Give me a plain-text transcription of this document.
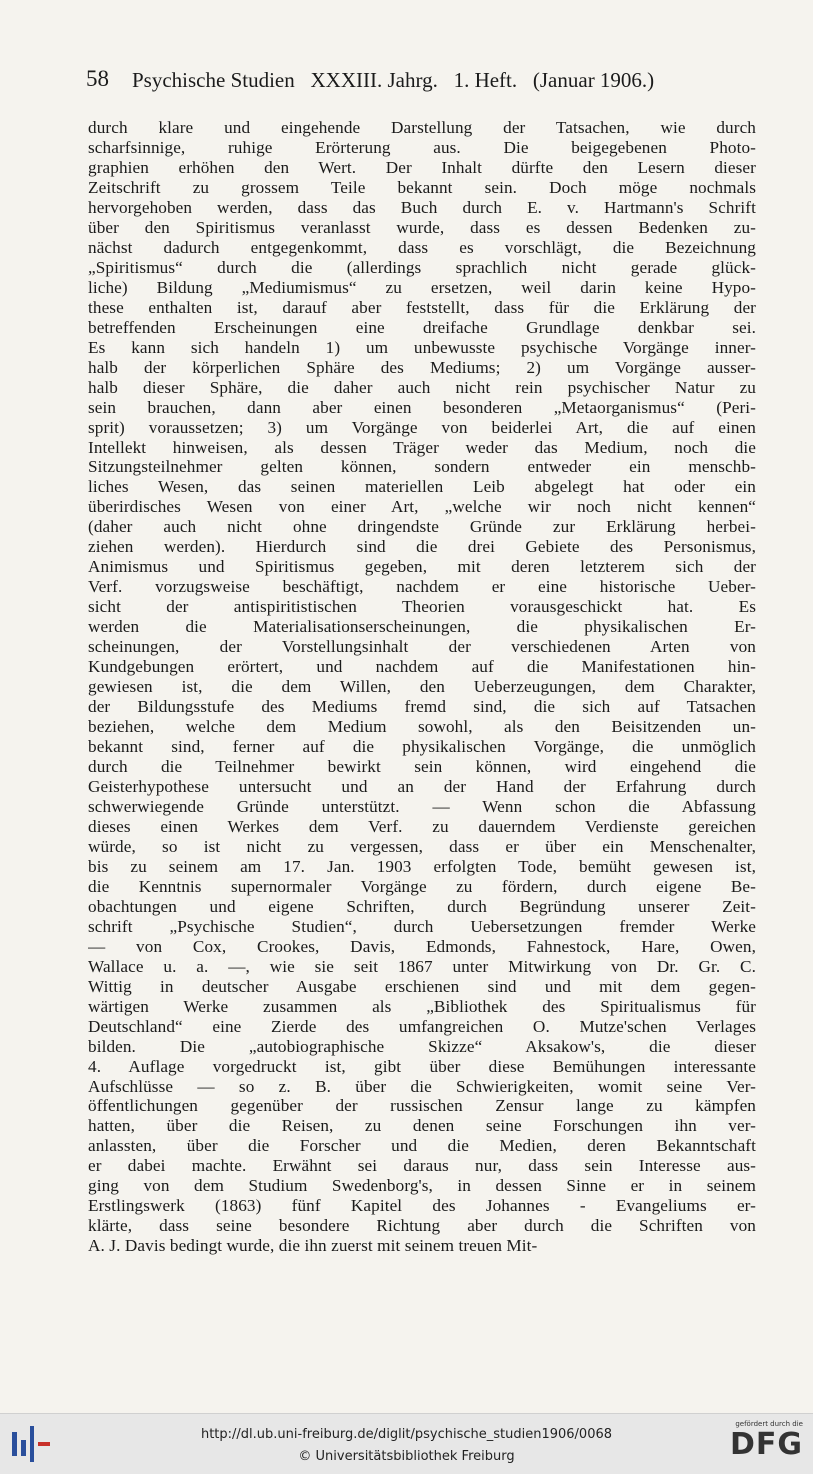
58 Psychische Studien   XXXIII. Jahrg.   1. Heft.   (Januar 1906.)
durch klare und eingehende Darstellung der Tatsachen, wie durch
scharfsinnige, ruhige Erörterung aus. Die beigegebenen Photo-
graphien erhöhen den Wert. Der Inhalt dürfte den Lesern dieser
Zeitschrift zu grossem Teile bekannt sein. Doch möge nochmals
hervorgehoben werden, dass das Buch durch E. v. Hartmann's Schrift
über den Spiritismus veranlasst wurde, dass es dessen Bedenken zu-
nächst dadurch entgegenkommt, dass es vorschlägt, die Bezeichnung
„Spiritismus“ durch die (allerdings sprachlich nicht gerade glück-
liche) Bildung „Mediumismus“ zu ersetzen, weil darin keine Hypo-
these enthalten ist, darauf aber feststellt, dass für die Erklärung der
betreffenden Erscheinungen eine dreifache Grundlage denkbar sei.
Es kann sich handeln 1) um unbewusste psychische Vorgänge inner-
halb der körperlichen Sphäre des Mediums; 2) um Vorgänge ausser-
halb dieser Sphäre, die daher auch nicht rein psychischer Natur zu
sein brauchen, dann aber einen besonderen „Metaorganismus“ (Peri-
sprit) voraussetzen; 3) um Vorgänge von beiderlei Art, die auf einen
Intellekt hinweisen, als dessen Träger weder das Medium, noch die
Sitzungsteilnehmer gelten können, sondern entweder ein menschb-
liches Wesen, das seinen materiellen Leib abgelegt hat oder ein
überirdisches Wesen von einer Art, „welche wir noch nicht kennen“
(daher auch nicht ohne dringendste Gründe zur Erklärung herbei-
ziehen werden). Hierdurch sind die drei Gebiete des Personismus,
Animismus und Spiritismus gegeben, mit deren letzterem sich der
Verf. vorzugsweise beschäftigt, nachdem er eine historische Ueber-
sicht der antispiritistischen Theorien vorausgeschickt hat. Es
werden die Materialisationserscheinungen, die physikalischen Er-
scheinungen, der Vorstellungsinhalt der verschiedenen Arten von
Kundgebungen erörtert, und nachdem auf die Manifestationen hin-
gewiesen ist, die dem Willen, den Ueberzeugungen, dem Charakter,
der Bildungsstufe des Mediums fremd sind, die sich auf Tatsachen
beziehen, welche dem Medium sowohl, als den Beisitzenden un-
bekannt sind, ferner auf die physikalischen Vorgänge, die unmöglich
durch die Teilnehmer bewirkt sein können, wird eingehend die
Geisterhypothese untersucht und an der Hand der Erfahrung durch
schwerwiegende Gründe unterstützt. — Wenn schon die Abfassung
dieses einen Werkes dem Verf. zu dauerndem Verdienste gereichen
würde, so ist nicht zu vergessen, dass er über ein Menschenalter,
bis zu seinem am 17. Jan. 1903 erfolgten Tode, bemüht gewesen ist,
die Kenntnis supernormaler Vorgänge zu fördern, durch eigene Be-
obachtungen und eigene Schriften, durch Begründung unserer Zeit-
schrift „Psychische Studien“, durch Uebersetzungen fremder Werke
— von Cox, Crookes, Davis, Edmonds, Fahnestock, Hare, Owen,
Wallace u. a. —, wie sie seit 1867 unter Mitwirkung von Dr. Gr. C.
Wittig in deutscher Ausgabe erschienen sind und mit dem gegen-
wärtigen Werke zusammen als „Bibliothek des Spiritualismus für
Deutschland“ eine Zierde des umfangreichen O. Mutze'schen Verlages
bilden. Die „autobiographische Skizze“ Aksakow's, die dieser
4. Auflage vorgedruckt ist, gibt über diese Bemühungen interessante
Aufschlüsse — so z. B. über die Schwierigkeiten, womit seine Ver-
öffentlichungen gegenüber der russischen Zensur lange zu kämpfen
hatten, über die Reisen, zu denen seine Forschungen ihn ver-
anlassten, über die Forscher und die Medien, deren Bekanntschaft
er dabei machte. Erwähnt sei daraus nur, dass sein Interesse aus-
ging von dem Studium Swedenborg's, in dessen Sinne er in seinem
Erstlingswerk (1863) fünf Kapitel des Johannes - Evangeliums er-
klärte, dass seine besondere Richtung aber durch die Schriften von
A. J. Davis bedingt wurde, die ihn zuerst mit seinem treuen Mit-
http://dl.ub.uni-freiburg.de/diglit/psychische_studien1906/0068
© Universitätsbibliothek Freiburg
gefördert durch die
DFG
